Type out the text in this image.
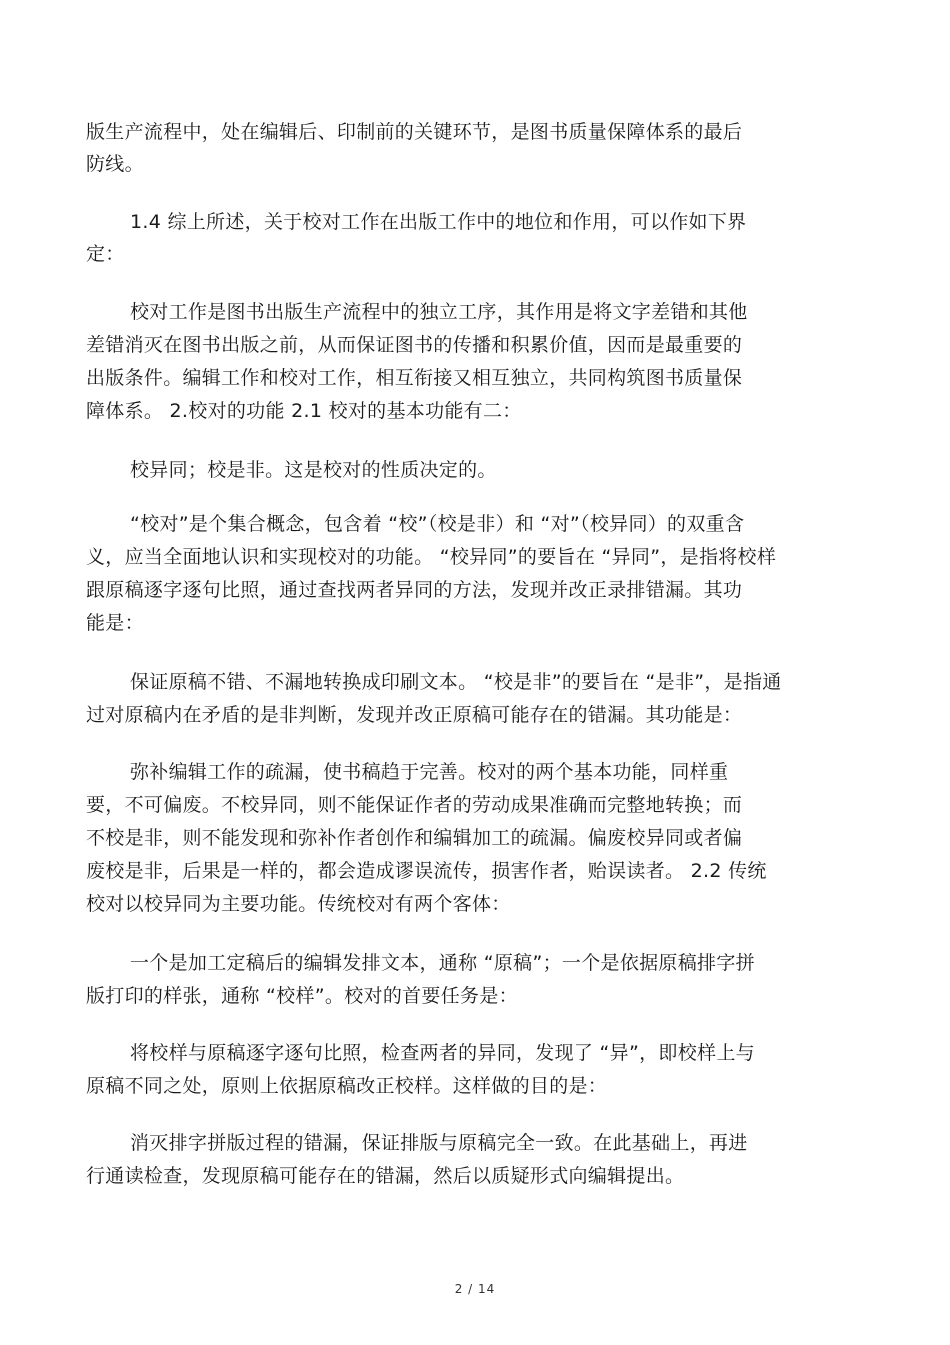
版生产流程中，处在编辑后、印制前的关键环节，是图书质量保障体系的最后
防线。
1.4 综上所述，关于校对工作在出版工作中的地位和作用，可以作如下界
定：
校对工作是图书出版生产流程中的独立工序，其作用是将文字差错和其他
差错消灭在图书出版之前，从而保证图书的传播和积累价值，因而是最重要的
出版条件。编辑工作和校对工作，相互衔接又相互独立，共同构筑图书质量保
障体系。 2.校对的功能 2.1 校对的基本功能有二：
校异同；校是非。这是校对的性质决定的。
“校对”是个集合概念，包含着 “校”（校是非）和 “对”（校异同）的双重含
义，应当全面地认识和实现校对的功能。 “校异同”的要旨在 “异同”，是指将校样
跟原稿逐字逐句比照，通过查找两者异同的方法，发现并改正录排错漏。其功
能是：
保证原稿不错、不漏地转换成印刷文本。 “校是非”的要旨在 “是非”，是指通
过对原稿内在矛盾的是非判断，发现并改正原稿可能存在的错漏。其功能是：
弥补编辑工作的疏漏，使书稿趋于完善。校对的两个基本功能，同样重
要，不可偏废。不校异同，则不能保证作者的劳动成果准确而完整地转换；而
不校是非，则不能发现和弥补作者创作和编辑加工的疏漏。偏废校异同或者偏
废校是非，后果是一样的，都会造成谬误流传，损害作者，贻误读者。 2.2 传统
校对以校异同为主要功能。传统校对有两个客体：
一个是加工定稿后的编辑发排文本，通称 “原稿”；一个是依据原稿排字拼
版打印的样张，通称 “校样”。校对的首要任务是：
将校样与原稿逐字逐句比照，检查两者的异同，发现了 “异”，即校样上与
原稿不同之处，原则上依据原稿改正校样。这样做的目的是：
消灭排字拼版过程的错漏，保证排版与原稿完全一致。在此基础上，再进
行通读检查，发现原稿可能存在的错漏，然后以质疑形式向编辑提出。
2 / 14
